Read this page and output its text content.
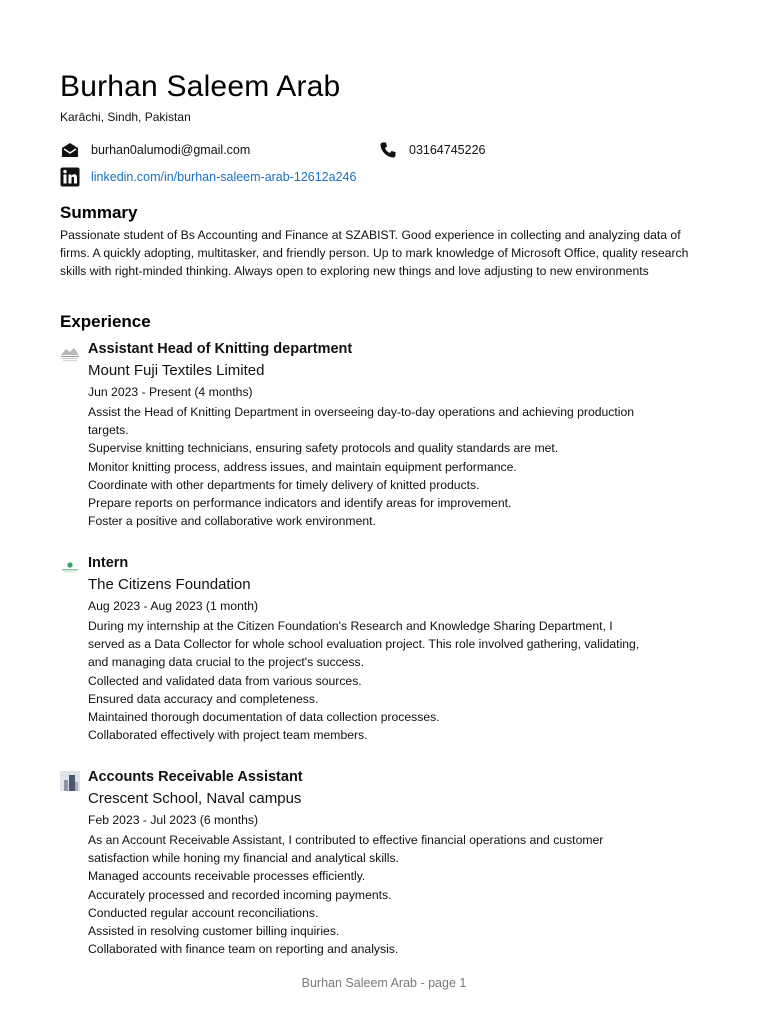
Burhan Saleem Arab
Karāchi, Sindh, Pakistan
burhan0alumodi@gmail.com	03164745226
linkedin.com/in/burhan-saleem-arab-12612a246
Summary
Passionate student of Bs Accounting and Finance at SZABIST. Good experience in collecting and analyzing data of firms. A quickly adopting, multitasker, and friendly person. Up to mark knowledge of Microsoft Office, quality research skills with right-minded thinking. Always open to exploring new things and love adjusting to new environments
Experience
Assistant Head of Knitting department
Mount Fuji Textiles Limited
Jun 2023 - Present (4 months)
Assist the Head of Knitting Department in overseeing day-to-day operations and achieving production
targets.
Supervise knitting technicians, ensuring safety protocols and quality standards are met.
Monitor knitting process, address issues, and maintain equipment performance.
Coordinate with other departments for timely delivery of knitted products.
Prepare reports on performance indicators and identify areas for improvement.
Foster a positive and collaborative work environment.
Intern
The Citizens Foundation
Aug 2023 - Aug 2023 (1 month)
During my internship at the Citizen Foundation's Research and Knowledge Sharing Department, I
served as a Data Collector for whole school evaluation project. This role involved gathering, validating,
and managing data crucial to the project's success.
Collected and validated data from various sources.
Ensured data accuracy and completeness.
Maintained thorough documentation of data collection processes.
Collaborated effectively with project team members.
Accounts Receivable Assistant
Crescent School, Naval campus
Feb 2023 - Jul 2023 (6 months)
As an Account Receivable Assistant, I contributed to effective financial operations and customer
satisfaction while honing my financial and analytical skills.
Managed accounts receivable processes efficiently.
Accurately processed and recorded incoming payments.
Conducted regular account reconciliations.
Assisted in resolving customer billing inquiries.
Collaborated with finance team on reporting and analysis.
Burhan Saleem Arab - page 1
